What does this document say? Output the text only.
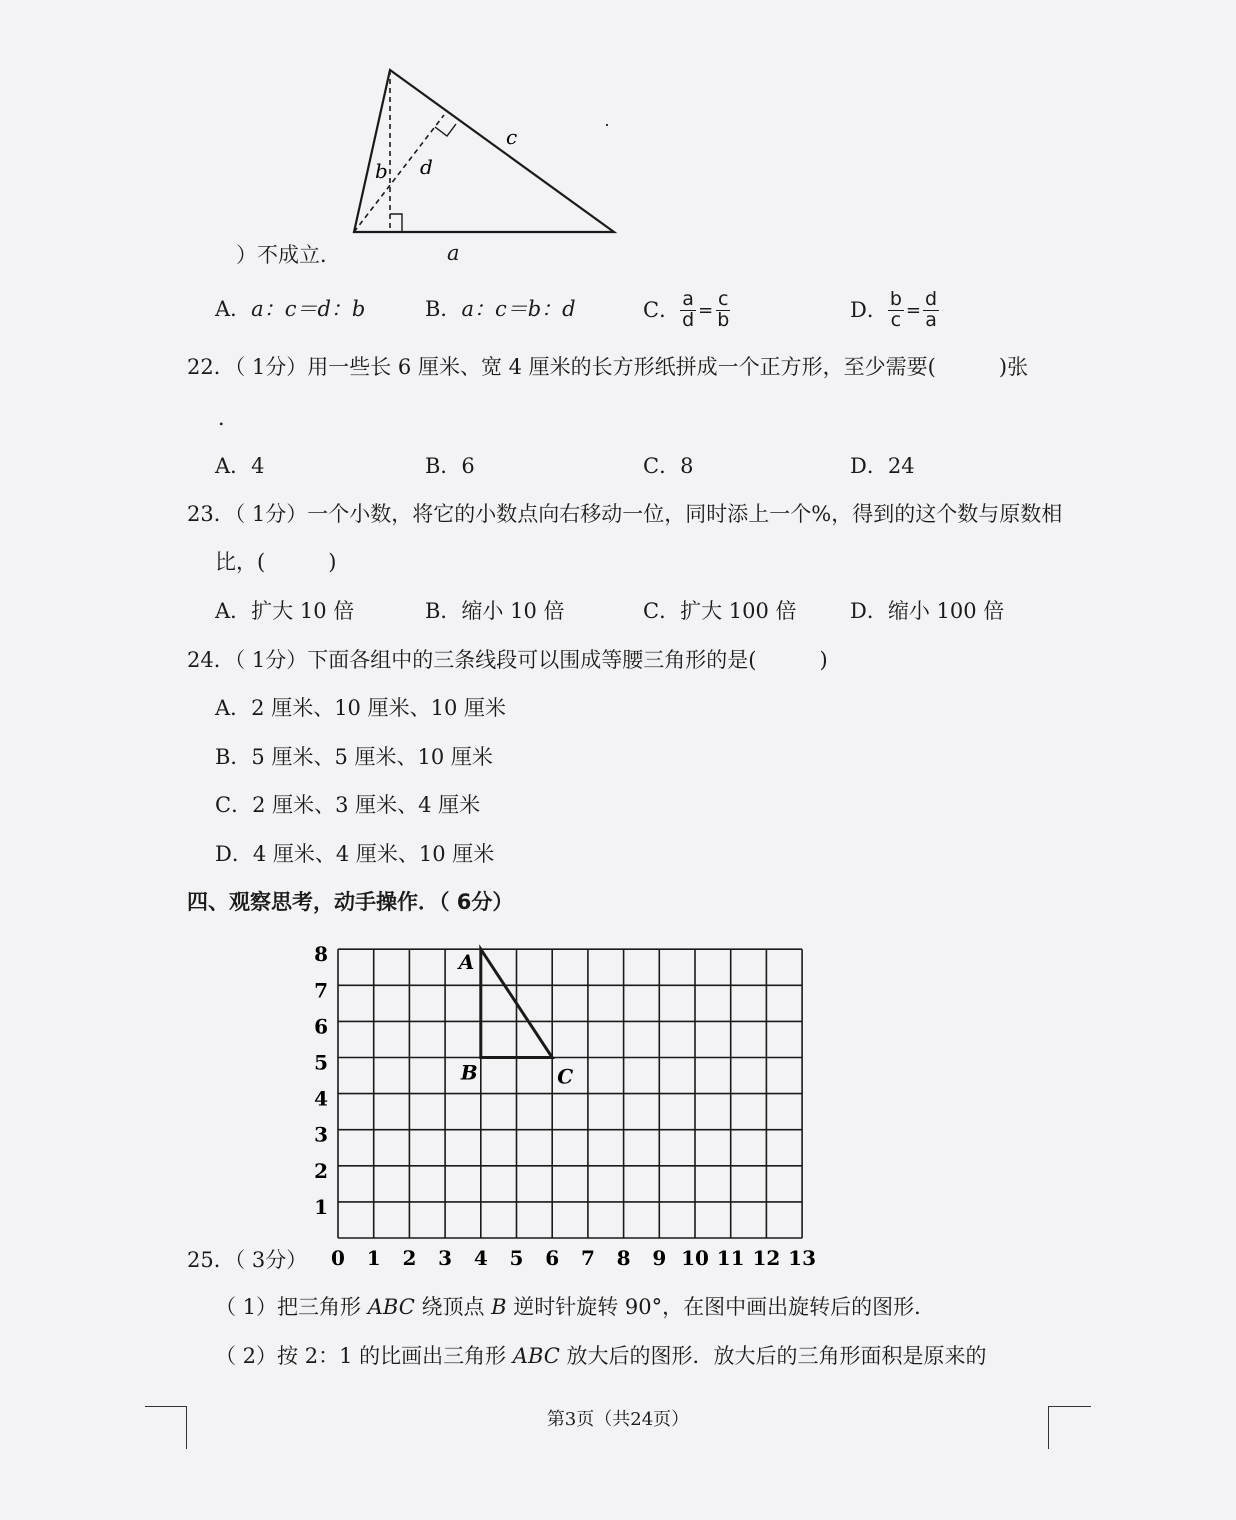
b d
c
）不成立．	a
A．a：c＝d：b	B．a：c＝b：d	C． $\frac{a}{d} = \frac{c}{b}$	D． $\frac{b}{c} = \frac{d}{a}$
22．（ 1分）用一些长 6 厘米、宽 4 厘米的长方形纸拼成一个正方形，至少需要(　　　)张
．
A．4	B．6	C．8	D．24
23．（ 1分）一个小数，将它的小数点向右移动一位，同时添上一个%，得到的这个数与原数相
比，(　　　)
A．扩大 10 倍	B．缩小 10 倍	C．扩大 100 倍	D．缩小 100 倍
24．（ 1分）下面各组中的三条线段可以围成等腰三角形的是(　　　)
A．2 厘米、10 厘米、10 厘米
B．5 厘米、5 厘米、10 厘米
C．2 厘米、3 厘米、4 厘米
D．4 厘米、4 厘米、10 厘米
四、观察思考，动手操作．（ 6分）
0 1 2 3 4 5 6 7 8 9 10 11 12 13
1
2
3
4
5
6
7
8	A
B	C
25．（ 3分）
（ 1）把三角形 ABC 绕顶点 B 逆时针旋转 90°，在图中画出旋转后的图形．
（ 2）按 2：1 的比画出三角形 ABC 放大后的图形．放大后的三角形面积是原来的
第3页（共24页）
